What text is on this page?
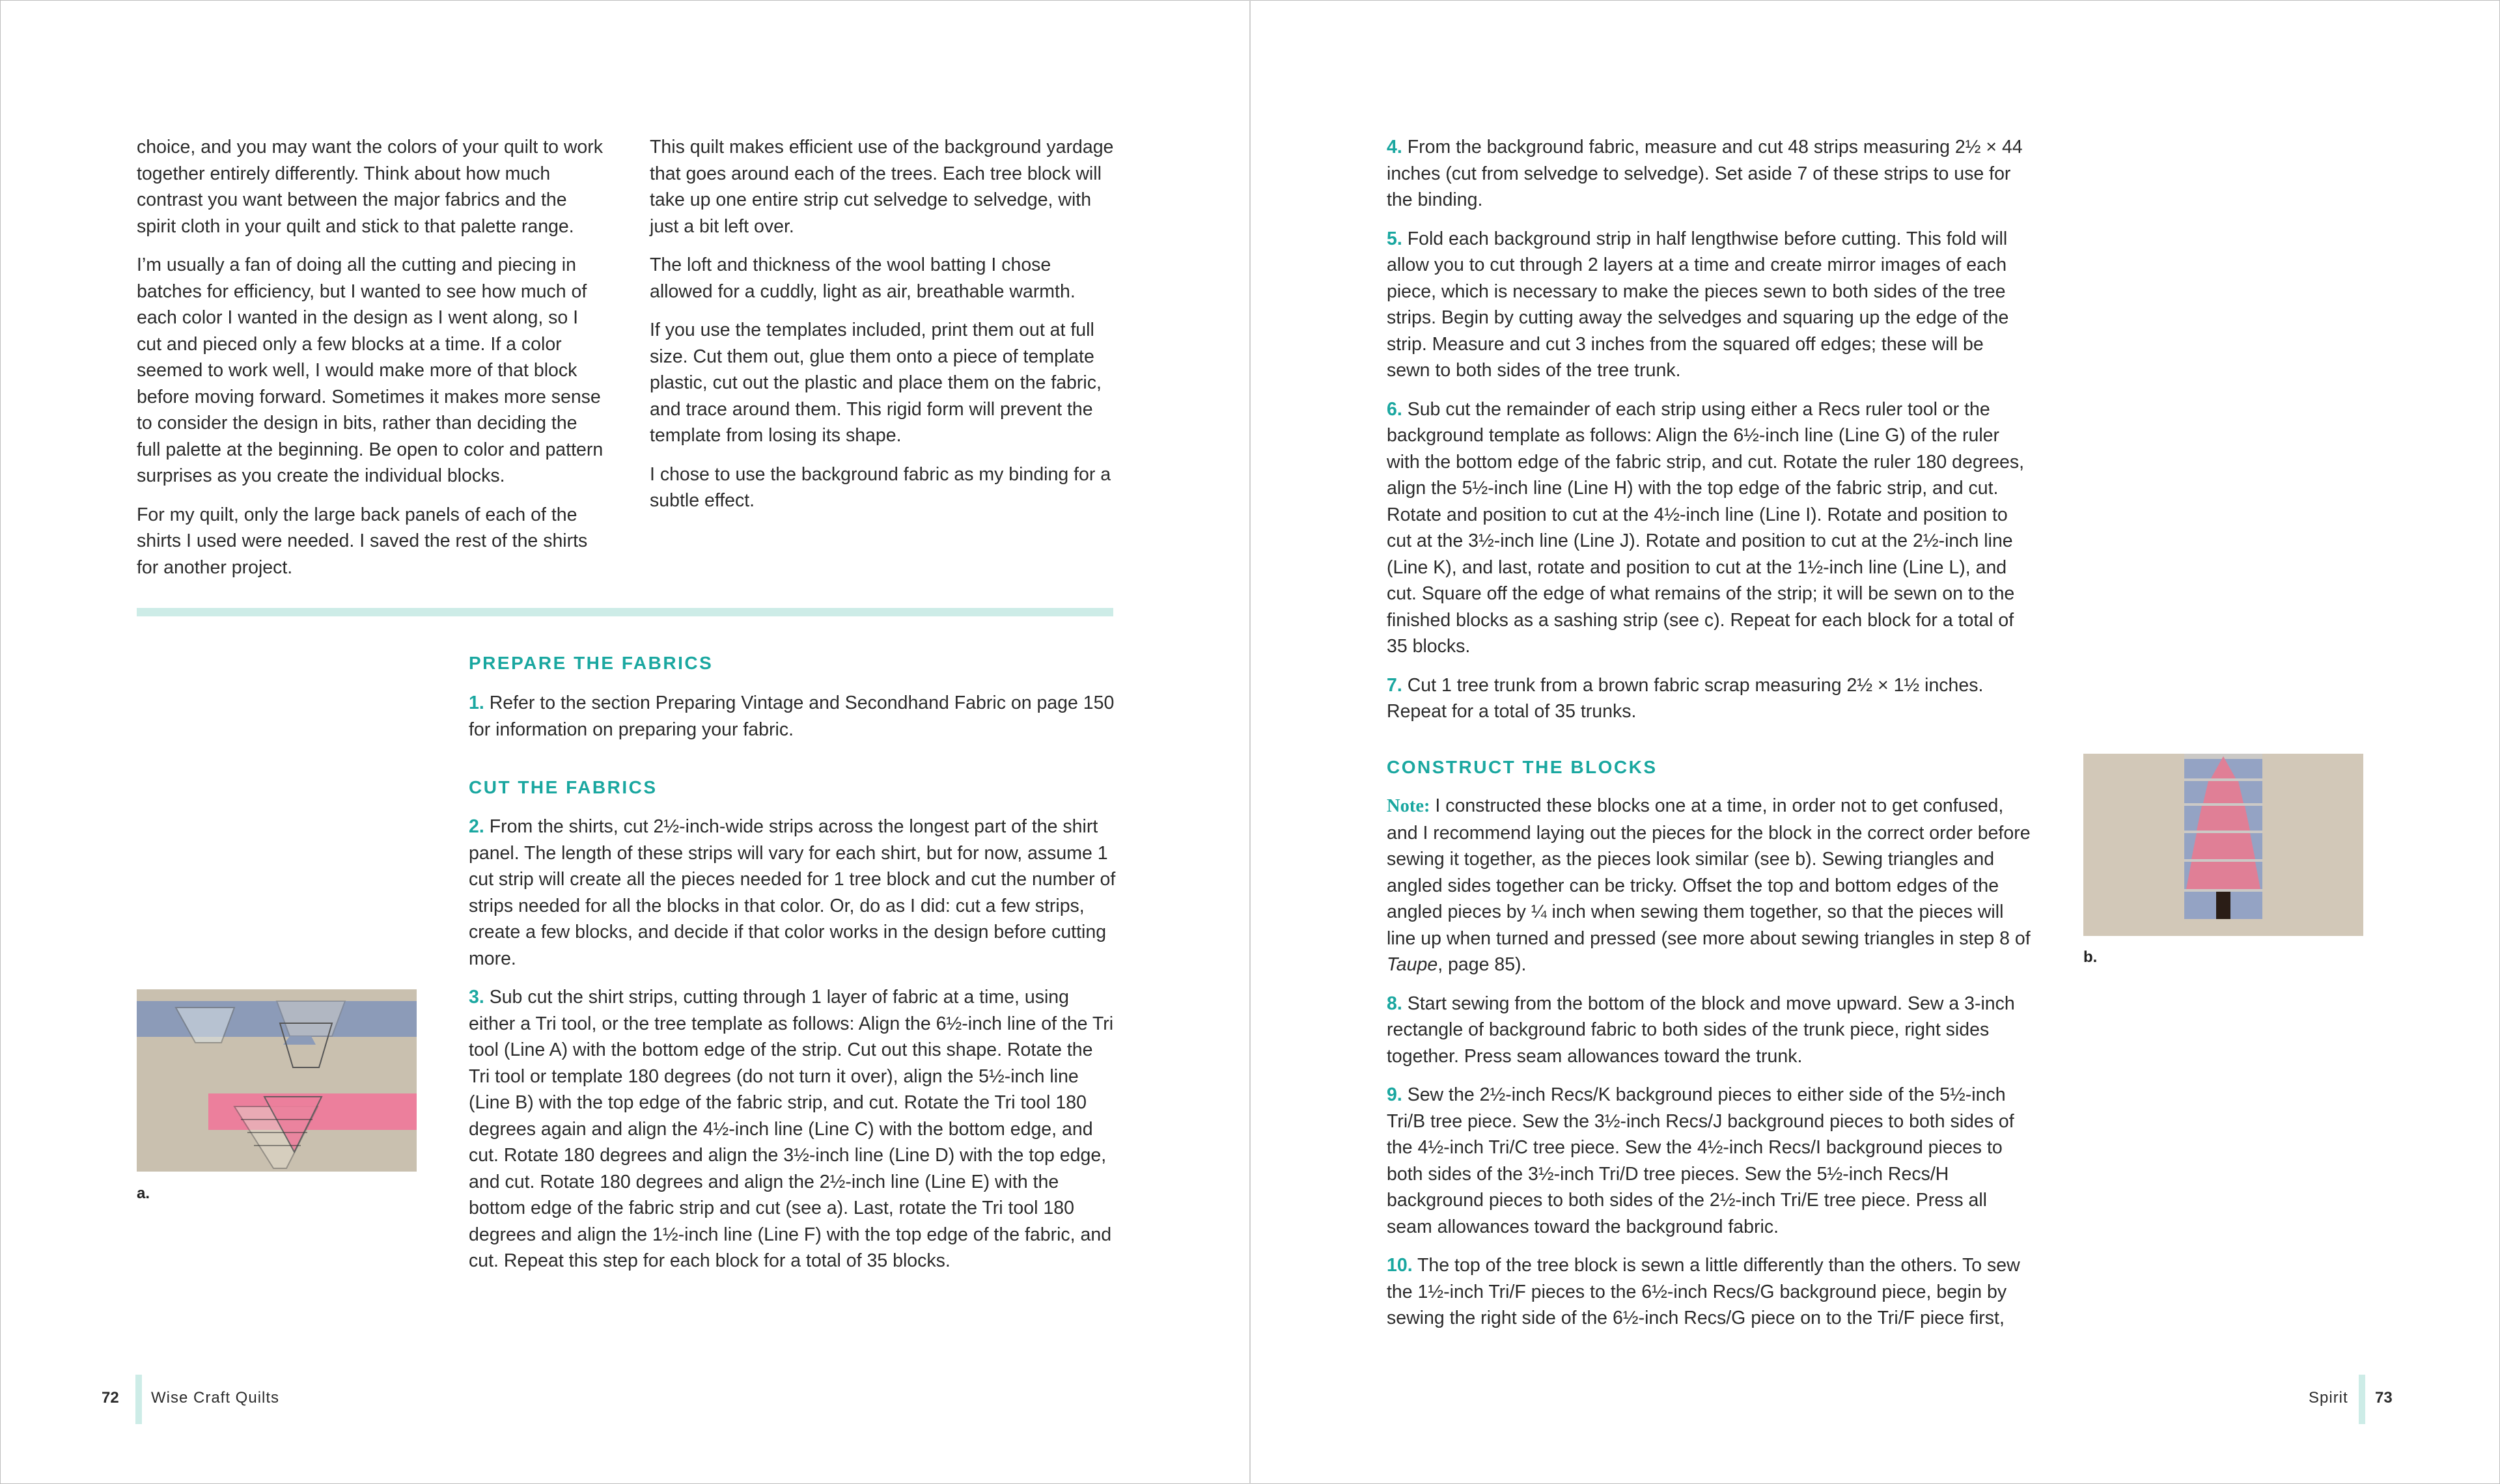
choice, and you may want the colors of your quilt to work together entirely differently. Think about how much contrast you want between the major fabrics and the spirit cloth in your quilt and stick to that palette range.

I’m usually a fan of doing all the cutting and piecing in batches for efficiency, but I wanted to see how much of each color I wanted in the design as I went along, so I cut and pieced only a few blocks at a time. If a color seemed to work well, I would make more of that block before moving forward. Sometimes it makes more sense to consider the design in bits, rather than deciding the full palette at the beginning. Be open to color and pattern surprises as you create the individual blocks.

For my quilt, only the large back panels of each of the shirts I used were needed. I saved the rest of the shirts for another project.

This quilt makes efficient use of the background yardage that goes around each of the trees. Each tree block will take up one entire strip cut selvedge to selvedge, with just a bit left over.

The loft and thickness of the wool batting I chose allowed for a cuddly, light as air, breathable warmth.

If you use the templates included, print them out at full size. Cut them out, glue them onto a piece of template plastic, cut out the plastic and place them on the fabric, and trace around them. This rigid form will prevent the template from losing its shape.

I chose to use the background fabric as my binding for a subtle effect.

PREPARE THE FABRICS

1. Refer to the section Preparing Vintage and Secondhand Fabric on page 150 for information on preparing your fabric.

CUT THE FABRICS

2. From the shirts, cut 2½-inch-wide strips across the longest part of the shirt panel. The length of these strips will vary for each shirt, but for now, assume 1 cut strip will create all the pieces needed for 1 tree block and cut the number of strips needed for all the blocks in that color. Or, do as I did: cut a few strips, create a few blocks, and decide if that color works in the design before cutting more.

3. Sub cut the shirt strips, cutting through 1 layer of fabric at a time, using either a Tri tool, or the tree template as follows: Align the 6½-inch line of the Tri tool (Line A) with the bottom edge of the strip. Cut out this shape. Rotate the Tri tool or template 180 degrees (do not turn it over), align the 5½-inch line (Line B) with the top edge of the fabric strip, and cut. Rotate the Tri tool 180 degrees again and align the 4½-inch line (Line C) with the bottom edge, and cut. Rotate 180 degrees and align the 3½-inch line (Line D) with the top edge, and cut. Rotate 180 degrees and align the 2½-inch line (Line E) with the bottom edge of the fabric strip and cut (see a). Last, rotate the Tri tool 180 degrees and align the 1½-inch line (Line F) with the top edge of the fabric, and cut. Repeat this step for each block for a total of 35 blocks.

a.
72 Wise Craft Quilts

4. From the background fabric, measure and cut 48 strips measuring 2½ × 44 inches (cut from selvedge to selvedge). Set aside 7 of these strips to use for the binding.

5. Fold each background strip in half lengthwise before cutting. This fold will allow you to cut through 2 layers at a time and create mirror images of each piece, which is necessary to make the pieces sewn to both sides of the tree strips. Begin by cutting away the selvedges and squaring up the edge of the strip. Measure and cut 3 inches from the squared off edges; these will be sewn to both sides of the tree trunk.

6. Sub cut the remainder of each strip using either a Recs ruler tool or the background template as follows: Align the 6½-inch line (Line G) of the ruler with the bottom edge of the fabric strip, and cut. Rotate the ruler 180 degrees, align the 5½-inch line (Line H) with the top edge of the fabric strip, and cut. Rotate and position to cut at the 4½-inch line (Line I). Rotate and position to cut at the 3½-inch line (Line J). Rotate and position to cut at the 2½-inch line (Line K), and last, rotate and position to cut at the 1½-inch line (Line L), and cut. Square off the edge of what remains of the strip; it will be sewn on to the finished blocks as a sashing strip (see c). Repeat for each block for a total of 35 blocks.

7. Cut 1 tree trunk from a brown fabric scrap measuring 2½ × 1½ inches. Repeat for a total of 35 trunks.

CONSTRUCT THE BLOCKS

Note: I constructed these blocks one at a time, in order not to get confused, and I recommend laying out the pieces for the block in the correct order before sewing it together, as the pieces look similar (see b). Sewing triangles and angled sides together can be tricky. Offset the top and bottom edges of the angled pieces by ¼ inch when sewing them together, so that the pieces will line up when turned and pressed (see more about sewing triangles in step 8 of Taupe, page 85).

8. Start sewing from the bottom of the block and move upward. Sew a 3-inch rectangle of background fabric to both sides of the trunk piece, right sides together. Press seam allowances toward the trunk.

9. Sew the 2½-inch Recs/K background pieces to either side of the 5½-inch Tri/B tree piece. Sew the 3½-inch Recs/J background pieces to both sides of the 4½-inch Tri/C tree piece. Sew the 4½-inch Recs/I background pieces to both sides of the 3½-inch Tri/D tree pieces. Sew the 5½-inch Recs/H background pieces to both sides of the 2½-inch Tri/E tree piece. Press all seam allowances toward the background fabric.

10. The top of the tree block is sewn a little differently than the others. To sew the 1½-inch Tri/F pieces to the 6½-inch Recs/G background piece, begin by sewing the right side of the 6½-inch Recs/G piece on to the Tri/F piece first,

b.
Spirit 73
